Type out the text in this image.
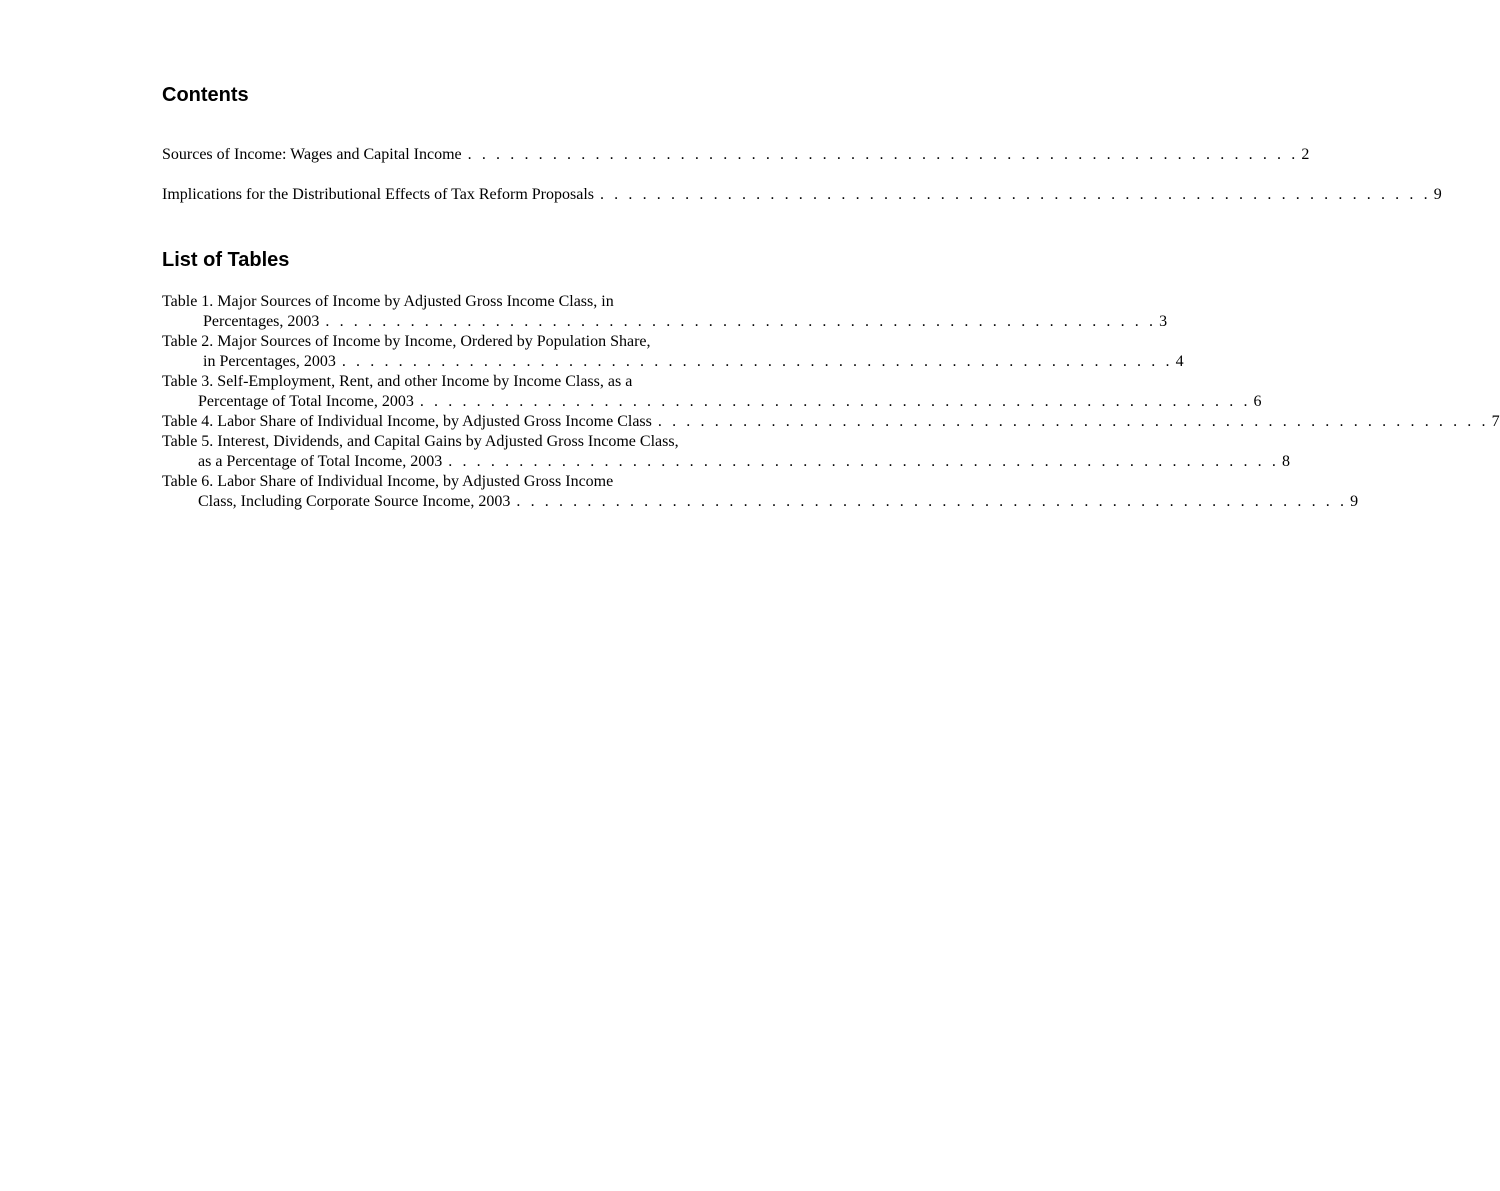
Contents
Sources of Income: Wages and Capital Income . . . . . . . . . . . . . . . . . . . . . . . . . . . . . . . . . . . . . . . . . . . . . . . . . . . . . . . . . . . 2
Implications for the Distributional Effects of Tax Reform Proposals . . . . . . . . . . . . . . . . . . . . . . . . . . . . . . . . . . . . . . . . . . . . . . . . . . . . . . . . . . . 9
List of Tables
Table 1. Major Sources of Income by Adjusted Gross Income Class, in
Percentages, 2003 . . . . . . . . . . . . . . . . . . . . . . . . . . . . . . . . . . . . . . . . . . . . . . . . . . . . . . . . . . . 3
Table 2. Major Sources of Income by Income, Ordered by Population Share,
in Percentages, 2003 . . . . . . . . . . . . . . . . . . . . . . . . . . . . . . . . . . . . . . . . . . . . . . . . . . . . . . . . . . . 4
Table 3. Self-Employment, Rent, and other Income by Income Class, as a
Percentage of Total Income, 2003 . . . . . . . . . . . . . . . . . . . . . . . . . . . . . . . . . . . . . . . . . . . . . . . . . . . . . . . . . . . 6
Table 4. Labor Share of Individual Income, by Adjusted Gross Income Class . . . . . . . . . . . . . . . . . . . . . . . . . . . . . . . . . . . . . . . . . . . . . . . . . . . . . . . . . . . 7
Table 5. Interest, Dividends, and Capital Gains by Adjusted Gross Income Class,
as a Percentage of Total Income, 2003 . . . . . . . . . . . . . . . . . . . . . . . . . . . . . . . . . . . . . . . . . . . . . . . . . . . . . . . . . . . 8
Table 6. Labor Share of Individual Income, by Adjusted Gross Income
Class, Including Corporate Source Income, 2003 . . . . . . . . . . . . . . . . . . . . . . . . . . . . . . . . . . . . . . . . . . . . . . . . . . . . . . . . . . . 9
